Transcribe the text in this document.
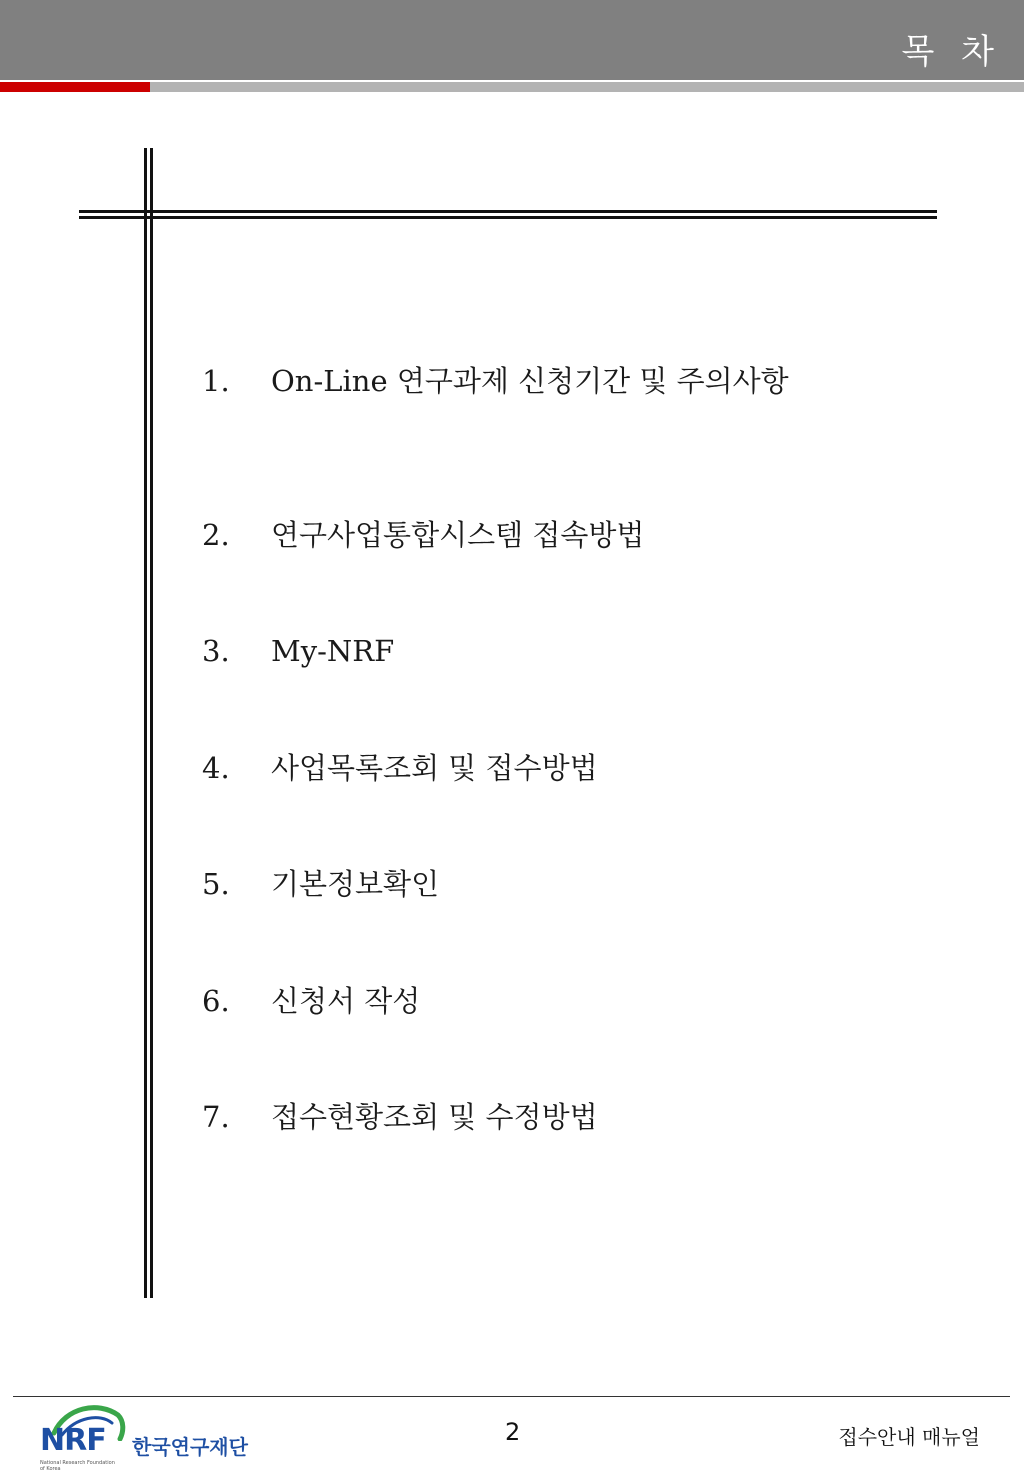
목 차
1.	On-Line 연구과제 신청기간 및 주의사항
2.	연구사업통합시스템 접속방법
3.	My-NRF
4.	사업목록조회 및 접수방법
5.	기본정보확인
6.	신청서 작성
7.	접수현황조회 및 수정방법
NRF 한국연구재단
National Research Foundation of Korea
2	접수안내 매뉴얼
